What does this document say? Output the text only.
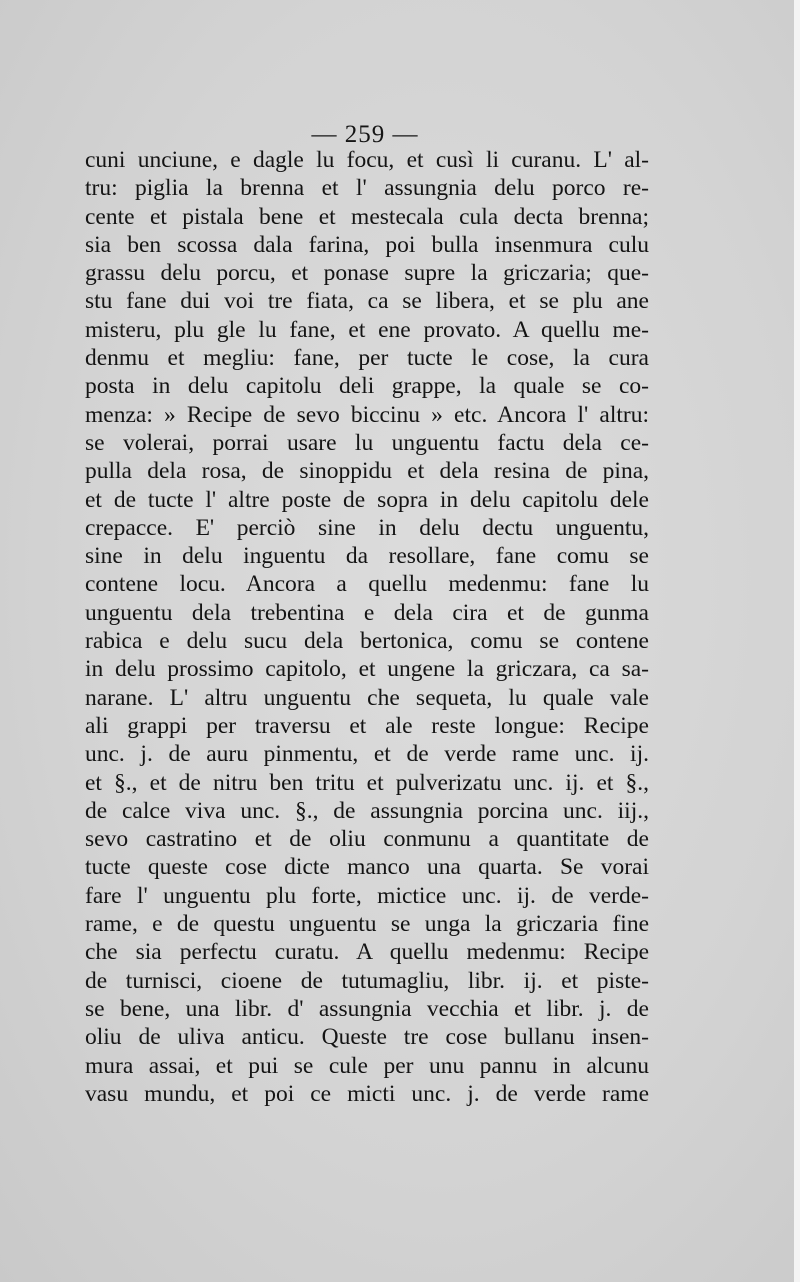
— 259 —
cuni unciune, e dagle lu focu, et cusì li curanu. L' al-
tru: piglia la brenna et l' assungnia delu porco re-
cente et pistala bene et mestecala cula decta brenna;
sia ben scossa dala farina, poi bulla insenmura culu
grassu delu porcu, et ponase supre la griczaria; que-
stu fane dui voi tre fiata, ca se libera, et se plu ane
misteru, plu gle lu fane, et ene provato. A quellu me-
denmu et megliu: fane, per tucte le cose, la cura
posta in delu capitolu deli grappe, la quale se co-
menza: » Recipe de sevo biccinu » etc. Ancora l' altru:
se volerai, porrai usare lu unguentu factu dela ce-
pulla dela rosa, de sinoppidu et dela resina de pina,
et de tucte l' altre poste de sopra in delu capitolu dele
crepacce. E' perciò sine in delu dectu unguentu,
sine in delu inguentu da resollare, fane comu se
contene locu. Ancora a quellu medenmu: fane lu
unguentu dela trebentina e dela cira et de gunma
rabica e delu sucu dela bertonica, comu se contene
in delu prossimo capitolo, et ungene la griczara, ca sa-
narane. L' altru unguentu che sequeta, lu quale vale
ali grappi per traversu et ale reste longue: Recipe
unc. j. de auru pinmentu, et de verde rame unc. ij.
et §., et de nitru ben tritu et pulverizatu unc. ij. et §.,
de calce viva unc. §., de assungnia porcina unc. iij.,
sevo castratino et de oliu conmunu a quantitate de
tucte queste cose dicte manco una quarta. Se vorai
fare l' unguentu plu forte, mictice unc. ij. de verde-
rame, e de questu unguentu se unga la griczaria fine
che sia perfectu curatu. A quellu medenmu: Recipe
de turnisci, cioene de tutumagliu, libr. ij. et piste-
se bene, una libr. d' assungnia vecchia et libr. j. de
oliu de uliva anticu. Queste tre cose bullanu insen-
mura assai, et pui se cule per unu pannu in alcunu
vasu mundu, et poi ce micti unc. j. de verde rame
